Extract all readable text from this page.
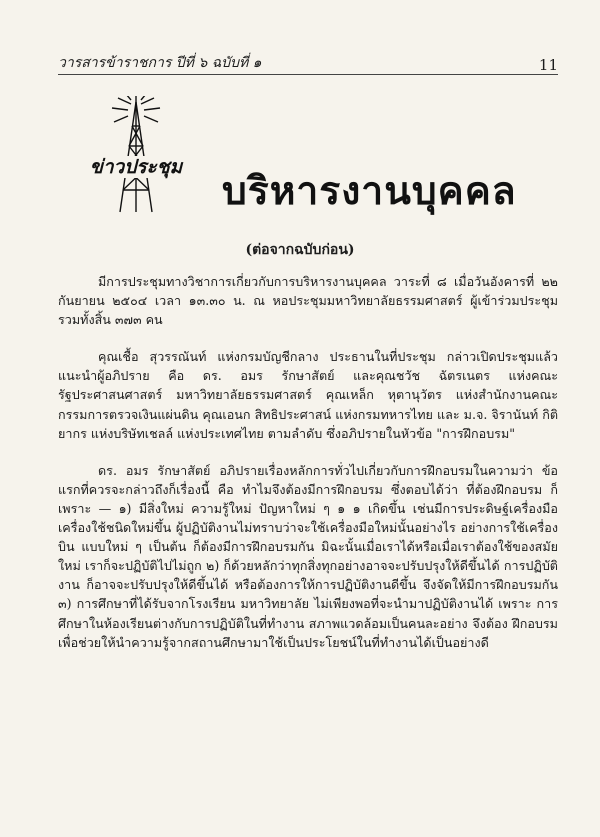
วารสารข้าราชการ ปีที่ ๖ ฉบับที่ ๑	11
ข่าวประชุม
บริหารงานบุคคล
(ต่อจากฉบับก่อน)

มีการประชุมทางวิชาการเกี่ยวกับการบริหารงานบุคคล วาระที่ ๘ เมื่อวันอังคารที่ ๒๒ กันยายน ๒๕๐๔ เวลา ๑๓.๓๐ น. ณ หอประชุมมหาวิทยาลัยธรรมศาสตร์ ผู้เข้าร่วมประชุม รวมทั้งสิ้น ๓๗๓ คน

คุณเชื้อ สุวรรณันท์ แห่งกรมบัญชีกลาง ประธานในที่ประชุม กล่าวเปิดประชุมแล้ว แนะนำผู้อภิปราย คือ ดร. อมร รักษาสัตย์ และคุณชวัช ฉัตรเนตร แห่งคณะรัฐประศาสนศาสตร์ มหาวิทยาลัยธรรมศาสตร์ คุณเหล็ก หุตานุวัตร แห่งสำนักงานคณะกรรมการตรวจเงินแผ่นดิน คุณเอนก สิทธิประศาสน์ แห่งกรมทหารไทย และ ม.จ. จิรานันท์ กิติยากร แห่งบริษัทเชลล์ แห่งประเทศไทย ตามลำดับ ซึ่งอภิปรายในหัวข้อ "การฝึกอบรม"

ดร. อมร รักษาสัตย์ อภิปรายเรื่องหลักการทั่วไปเกี่ยวกับการฝึกอบรมในความว่า ข้อแรกที่ควรจะกล่าวถึงก็เรื่องนี้ คือ ทำไมจึงต้องมีการฝึกอบรม ซึ่งตอบได้ว่า ที่ต้องฝึกอบรม ก็เพราะ — ๑) มีสิ่งใหม่ ความรู้ใหม่ ปัญหาใหม่ ๆ ๑ ๑ เกิดขึ้น เช่นมีการประดิษฐ์เครื่องมือ เครื่องใช้ชนิดใหม่ขึ้น ผู้ปฏิบัติงานไม่ทราบว่าจะใช้เครื่องมือใหม่นั้นอย่างไร อย่างการใช้เครื่องบิน แบบใหม่ ๆ เป็นต้น ก็ต้องมีการฝึกอบรมกัน มิฉะนั้นเมื่อเราได้หรือเมื่อเราต้องใช้ของสมัยใหม่ เราก็จะปฏิบัติไปไม่ถูก ๒) ก็ด้วยหลักว่าทุกสิ่งทุกอย่างอาจจะปรับปรุงให้ดีขึ้นได้ การปฏิบัติงาน ก็อาจจะปรับปรุงให้ดีขึ้นได้ หรือต้องการให้การปฏิบัติงานดีขึ้น จึงจัดให้มีการฝึกอบรมกัน ๓) การศึกษาที่ได้รับจากโรงเรียน มหาวิทยาลัย ไม่เพียงพอที่จะนำมาปฏิบัติงานได้ เพราะ การศึกษาในห้องเรียนต่างกับการปฏิบัติในที่ทำงาน สภาพแวดล้อมเป็นคนละอย่าง จึงต้อง ฝึกอบรมเพื่อช่วยให้นำความรู้จากสถานศึกษามาใช้เป็นประโยชน์ในที่ทำงานได้เป็นอย่างดี
